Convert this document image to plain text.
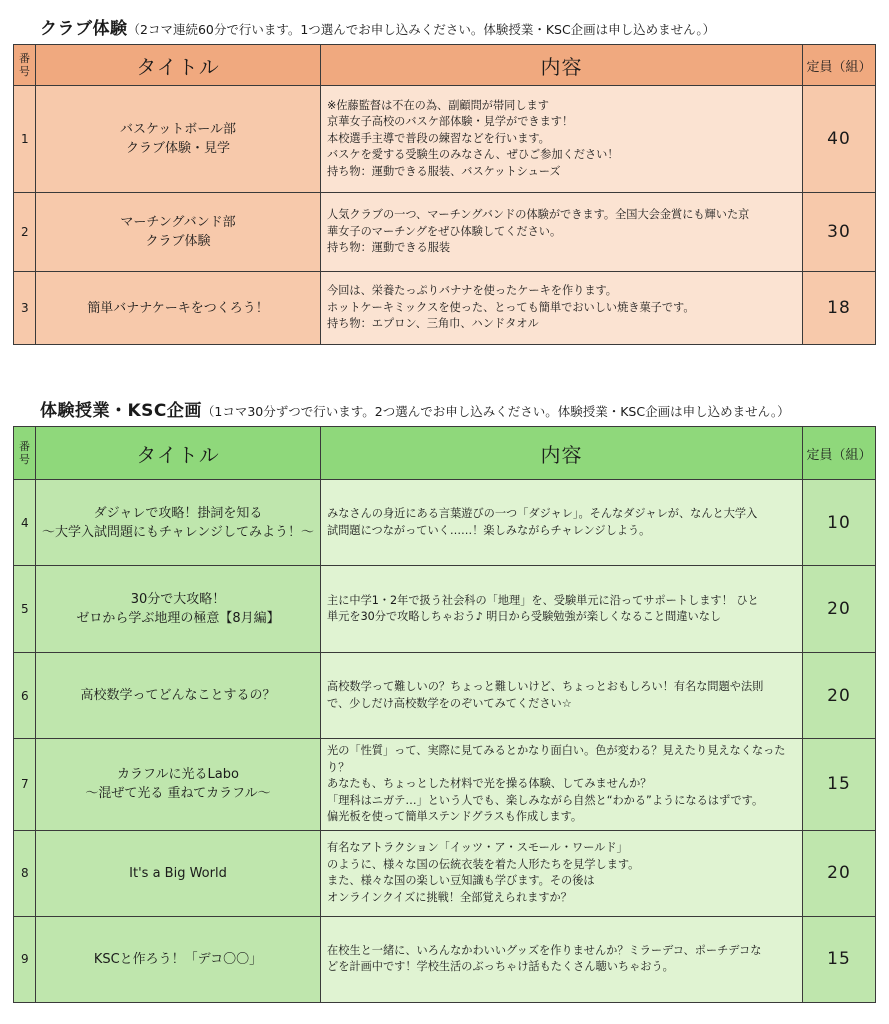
クラブ体験（2コマ連続60分で行います。1つ選んでお申し込みください。体験授業・KSC企画は申し込めません。）
番
号	タイトル	内容	定員（組）
1	バスケットボール部
クラブ体験・見学	※佐藤監督は不在の為、副顧問が帯同します
京華女子高校のバスケ部体験・見学ができます！
本校選手主導で普段の練習などを行います。
バスケを愛する受験生のみなさん、ぜひご参加ください！
持ち物：運動できる服装、バスケットシューズ	40
2	マーチングバンド部
クラブ体験	人気クラブの一つ、マーチングバンドの体験ができます。全国大会金賞にも輝いた京
華女子のマーチングをぜひ体験してください。
持ち物：運動できる服装	30
3	簡単バナナケーキをつくろう！	今回は、栄養たっぷりバナナを使ったケーキを作ります。
ホットケーキミックスを使った、とっても簡単でおいしい焼き菓子です。
持ち物：エプロン、三角巾、ハンドタオル	18
体験授業・KSC企画（1コマ30分ずつで行います。2つ選んでお申し込みください。体験授業・KSC企画は申し込めません。）
番
号	タイトル	内容	定員（組）
4	ダジャレで攻略！掛詞を知る
～大学入試問題にもチャレンジしてみよう！～	みなさんの身近にある言葉遊びの一つ「ダジャレ」。そんなダジャレが、なんと大学入
試問題につながっていく……！楽しみながらチャレンジしよう。	10
5	30分で大攻略！
ゼロから学ぶ地理の極意【8月編】	主に中学1・2年で扱う社会科の「地理」を、受験単元に沿ってサポートします！ ひと
単元を30分で攻略しちゃおう♪ 明日から受験勉強が楽しくなること間違いなし	20
6	高校数学ってどんなことするの？	高校数学って難しいの？ちょっと難しいけど、ちょっとおもしろい！有名な問題や法則
で、少しだけ高校数学をのぞいてみてください☆	20
7	カラフルに光るLabo
～混ぜて光る 重ねてカラフル～	光の「性質」って、実際に見てみるとかなり面白い。色が変わる？見えたり見えなくなったり？
あなたも、ちょっとした材料で光を操る体験、してみませんか？
「理科はニガテ…」という人でも、楽しみながら自然と“わかる”ようになるはずです。
偏光板を使って簡単ステンドグラスも作成します。	15
8	It's a Big World	有名なアトラクション「イッツ・ア・スモール・ワールド」
のように、様々な国の伝統衣装を着た人形たちを見学します。
また、様々な国の楽しい豆知識も学びます。その後は
オンラインクイズに挑戦！全部覚えられますか？	20
9	KSCと作ろう！「デコ〇〇」	在校生と一緒に、いろんなかわいいグッズを作りませんか？ミラーデコ、ポーチデコな
どを計画中です！学校生活のぶっちゃけ話もたくさん聴いちゃおう。	15
